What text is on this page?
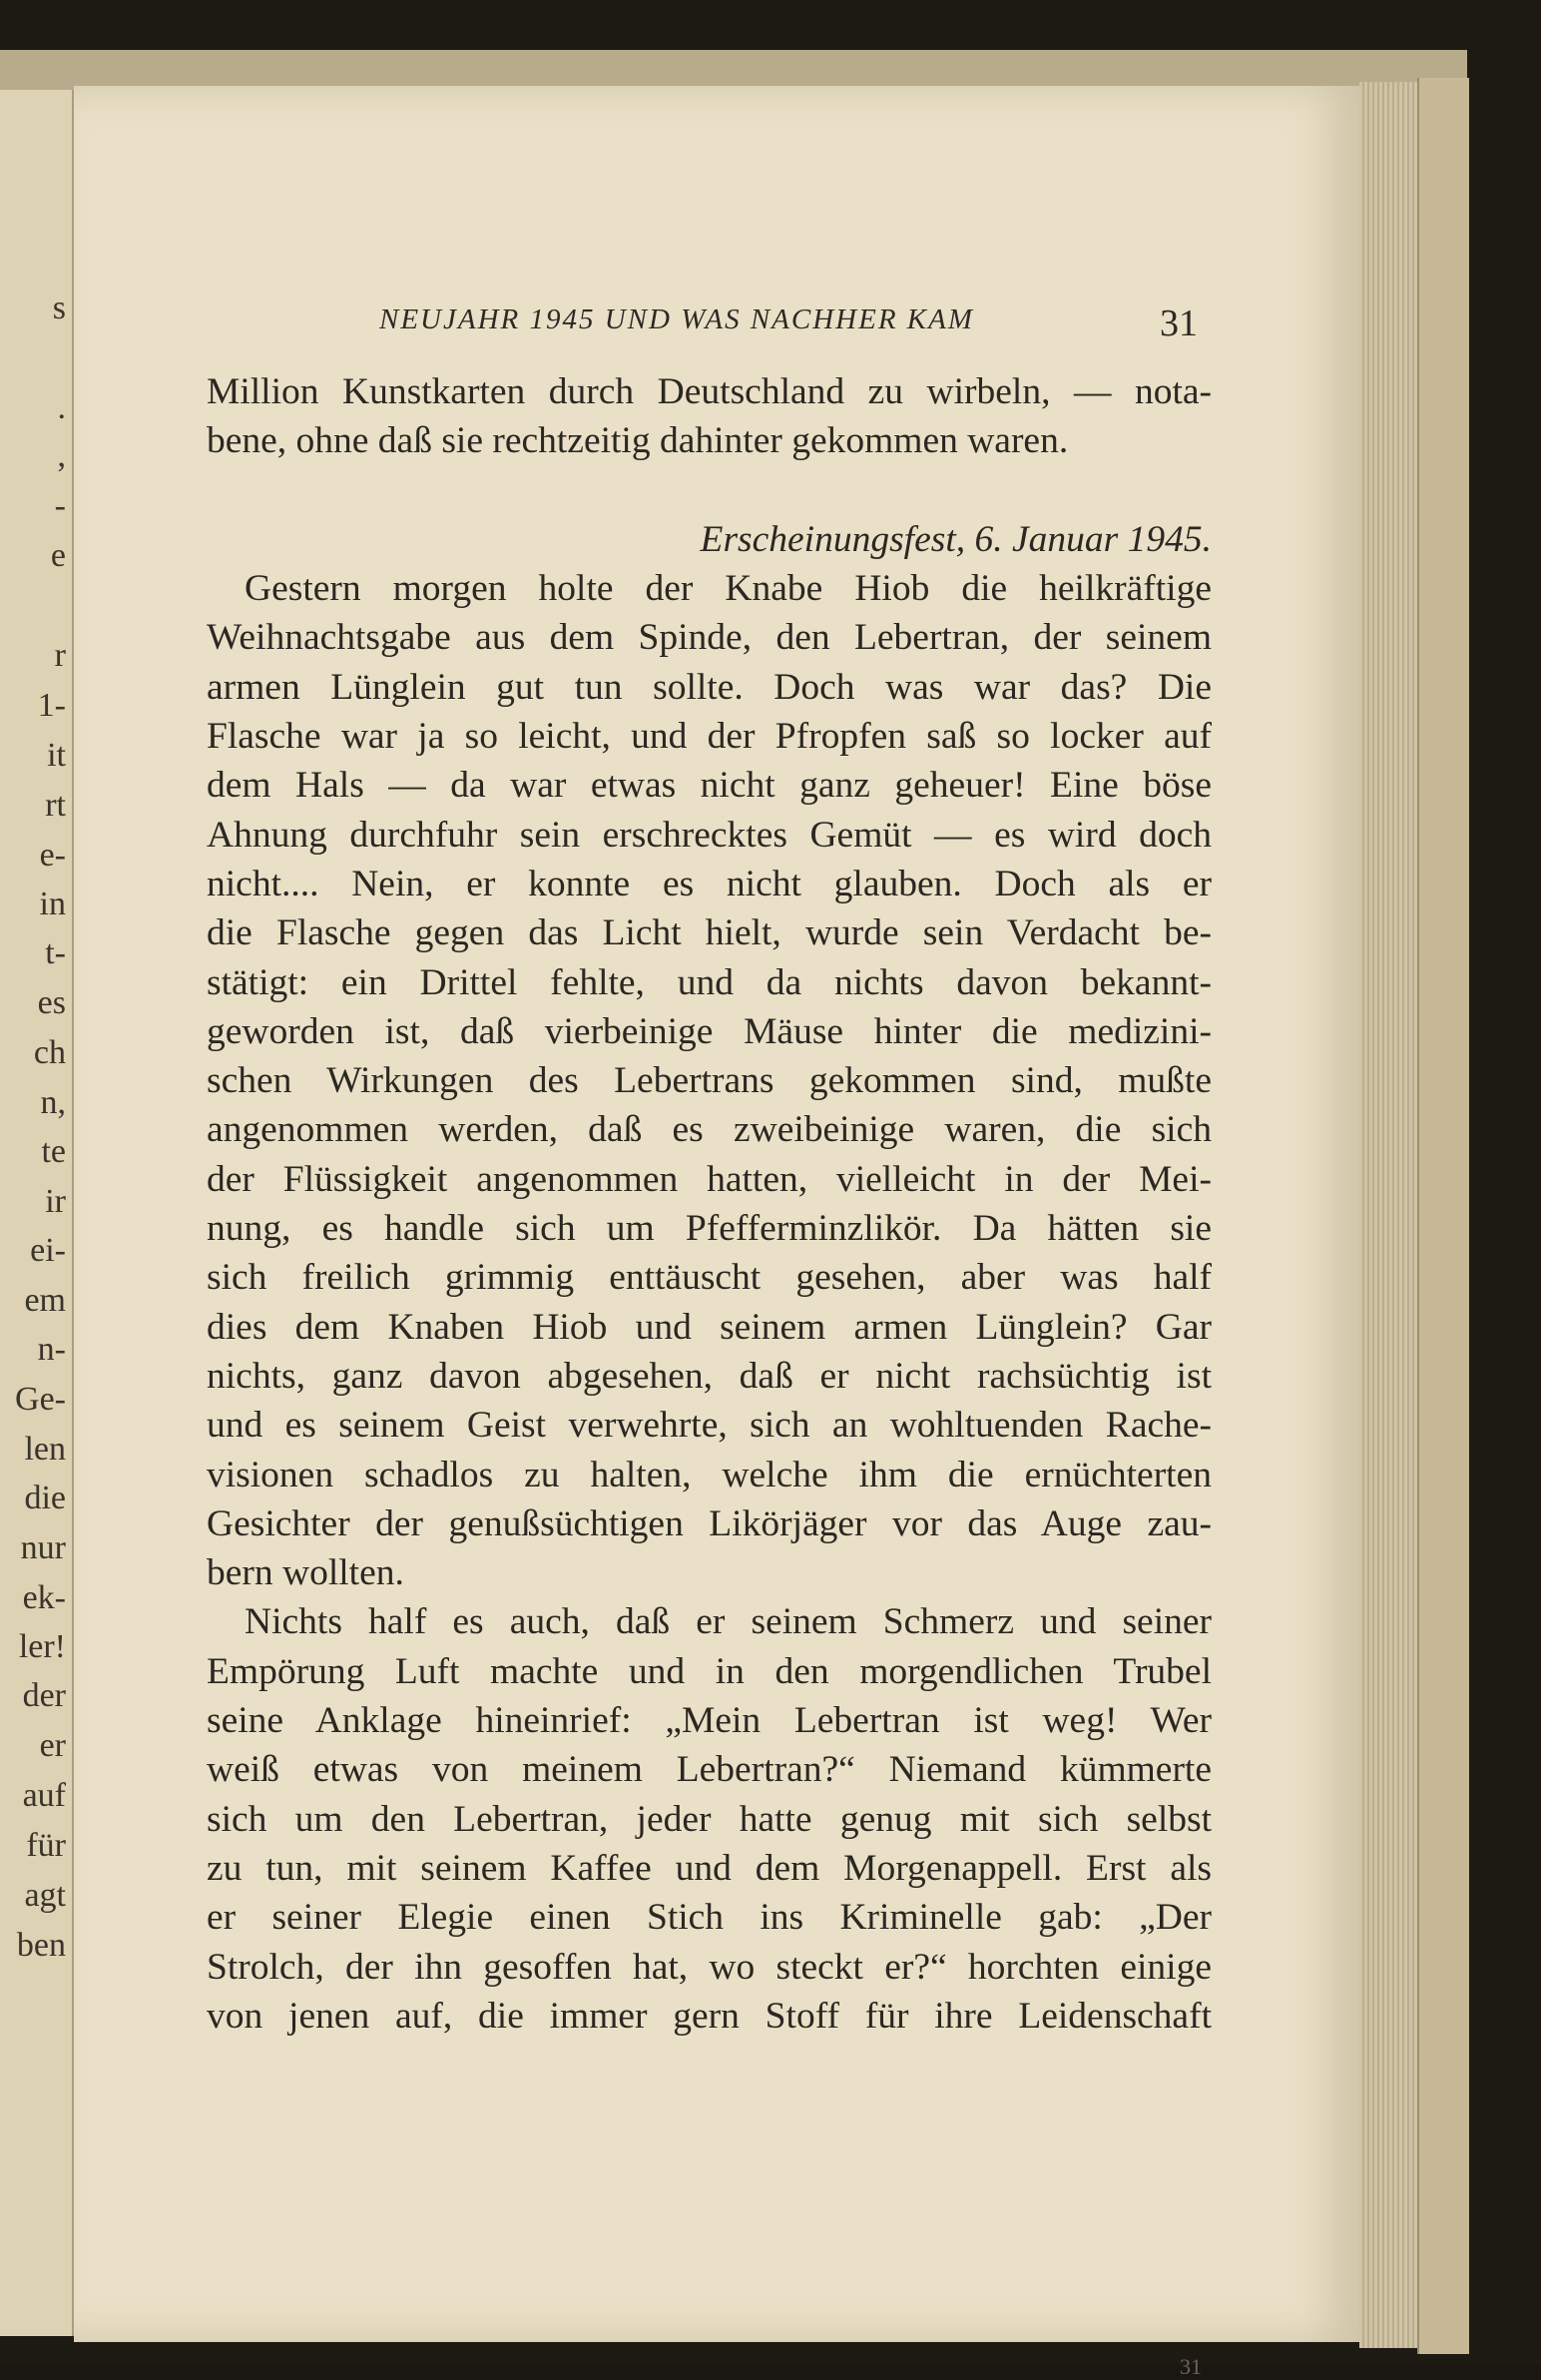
s
.
,
-
e
r
1-
it
rt
e-
in
t-
es
ch
n,
te
ir
ei-
em
n-
Ge-
len
die
nur
ek-
ler!
der
er
auf
für
agt
ben
NEUJAHR 1945 UND WAS NACHHER KAM	31
Million Kunstkarten durch Deutschland zu wirbeln, — nota-
bene, ohne daß sie rechtzeitig dahinter gekommen waren.
Erscheinungsfest, 6. Januar 1945.
Gestern morgen holte der Knabe Hiob die heilkräftige
Weihnachtsgabe aus dem Spinde, den Lebertran, der seinem
armen Lünglein gut tun sollte. Doch was war das? Die
Flasche war ja so leicht, und der Pfropfen saß so locker auf
dem Hals — da war etwas nicht ganz geheuer! Eine böse
Ahnung durchfuhr sein erschrecktes Gemüt — es wird doch
nicht.... Nein, er konnte es nicht glauben. Doch als er
die Flasche gegen das Licht hielt, wurde sein Verdacht be-
stätigt: ein Drittel fehlte, und da nichts davon bekannt-
geworden ist, daß vierbeinige Mäuse hinter die medizini-
schen Wirkungen des Lebertrans gekommen sind, mußte
angenommen werden, daß es zweibeinige waren, die sich
der Flüssigkeit angenommen hatten, vielleicht in der Mei-
nung, es handle sich um Pfefferminzlikör. Da hätten sie
sich freilich grimmig enttäuscht gesehen, aber was half
dies dem Knaben Hiob und seinem armen Lünglein? Gar
nichts, ganz davon abgesehen, daß er nicht rachsüchtig ist
und es seinem Geist verwehrte, sich an wohltuenden Rache-
visionen schadlos zu halten, welche ihm die ernüchterten
Gesichter der genußsüchtigen Likörjäger vor das Auge zau-
bern wollten.
Nichts half es auch, daß er seinem Schmerz und seiner
Empörung Luft machte und in den morgendlichen Trubel
seine Anklage hineinrief: „Mein Lebertran ist weg! Wer
weiß etwas von meinem Lebertran?“ Niemand kümmerte
sich um den Lebertran, jeder hatte genug mit sich selbst
zu tun, mit seinem Kaffee und dem Morgenappell. Erst als
er seiner Elegie einen Stich ins Kriminelle gab: „Der
Strolch, der ihn gesoffen hat, wo steckt er?“ horchten einige
von jenen auf, die immer gern Stoff für ihre Leidenschaft
31
